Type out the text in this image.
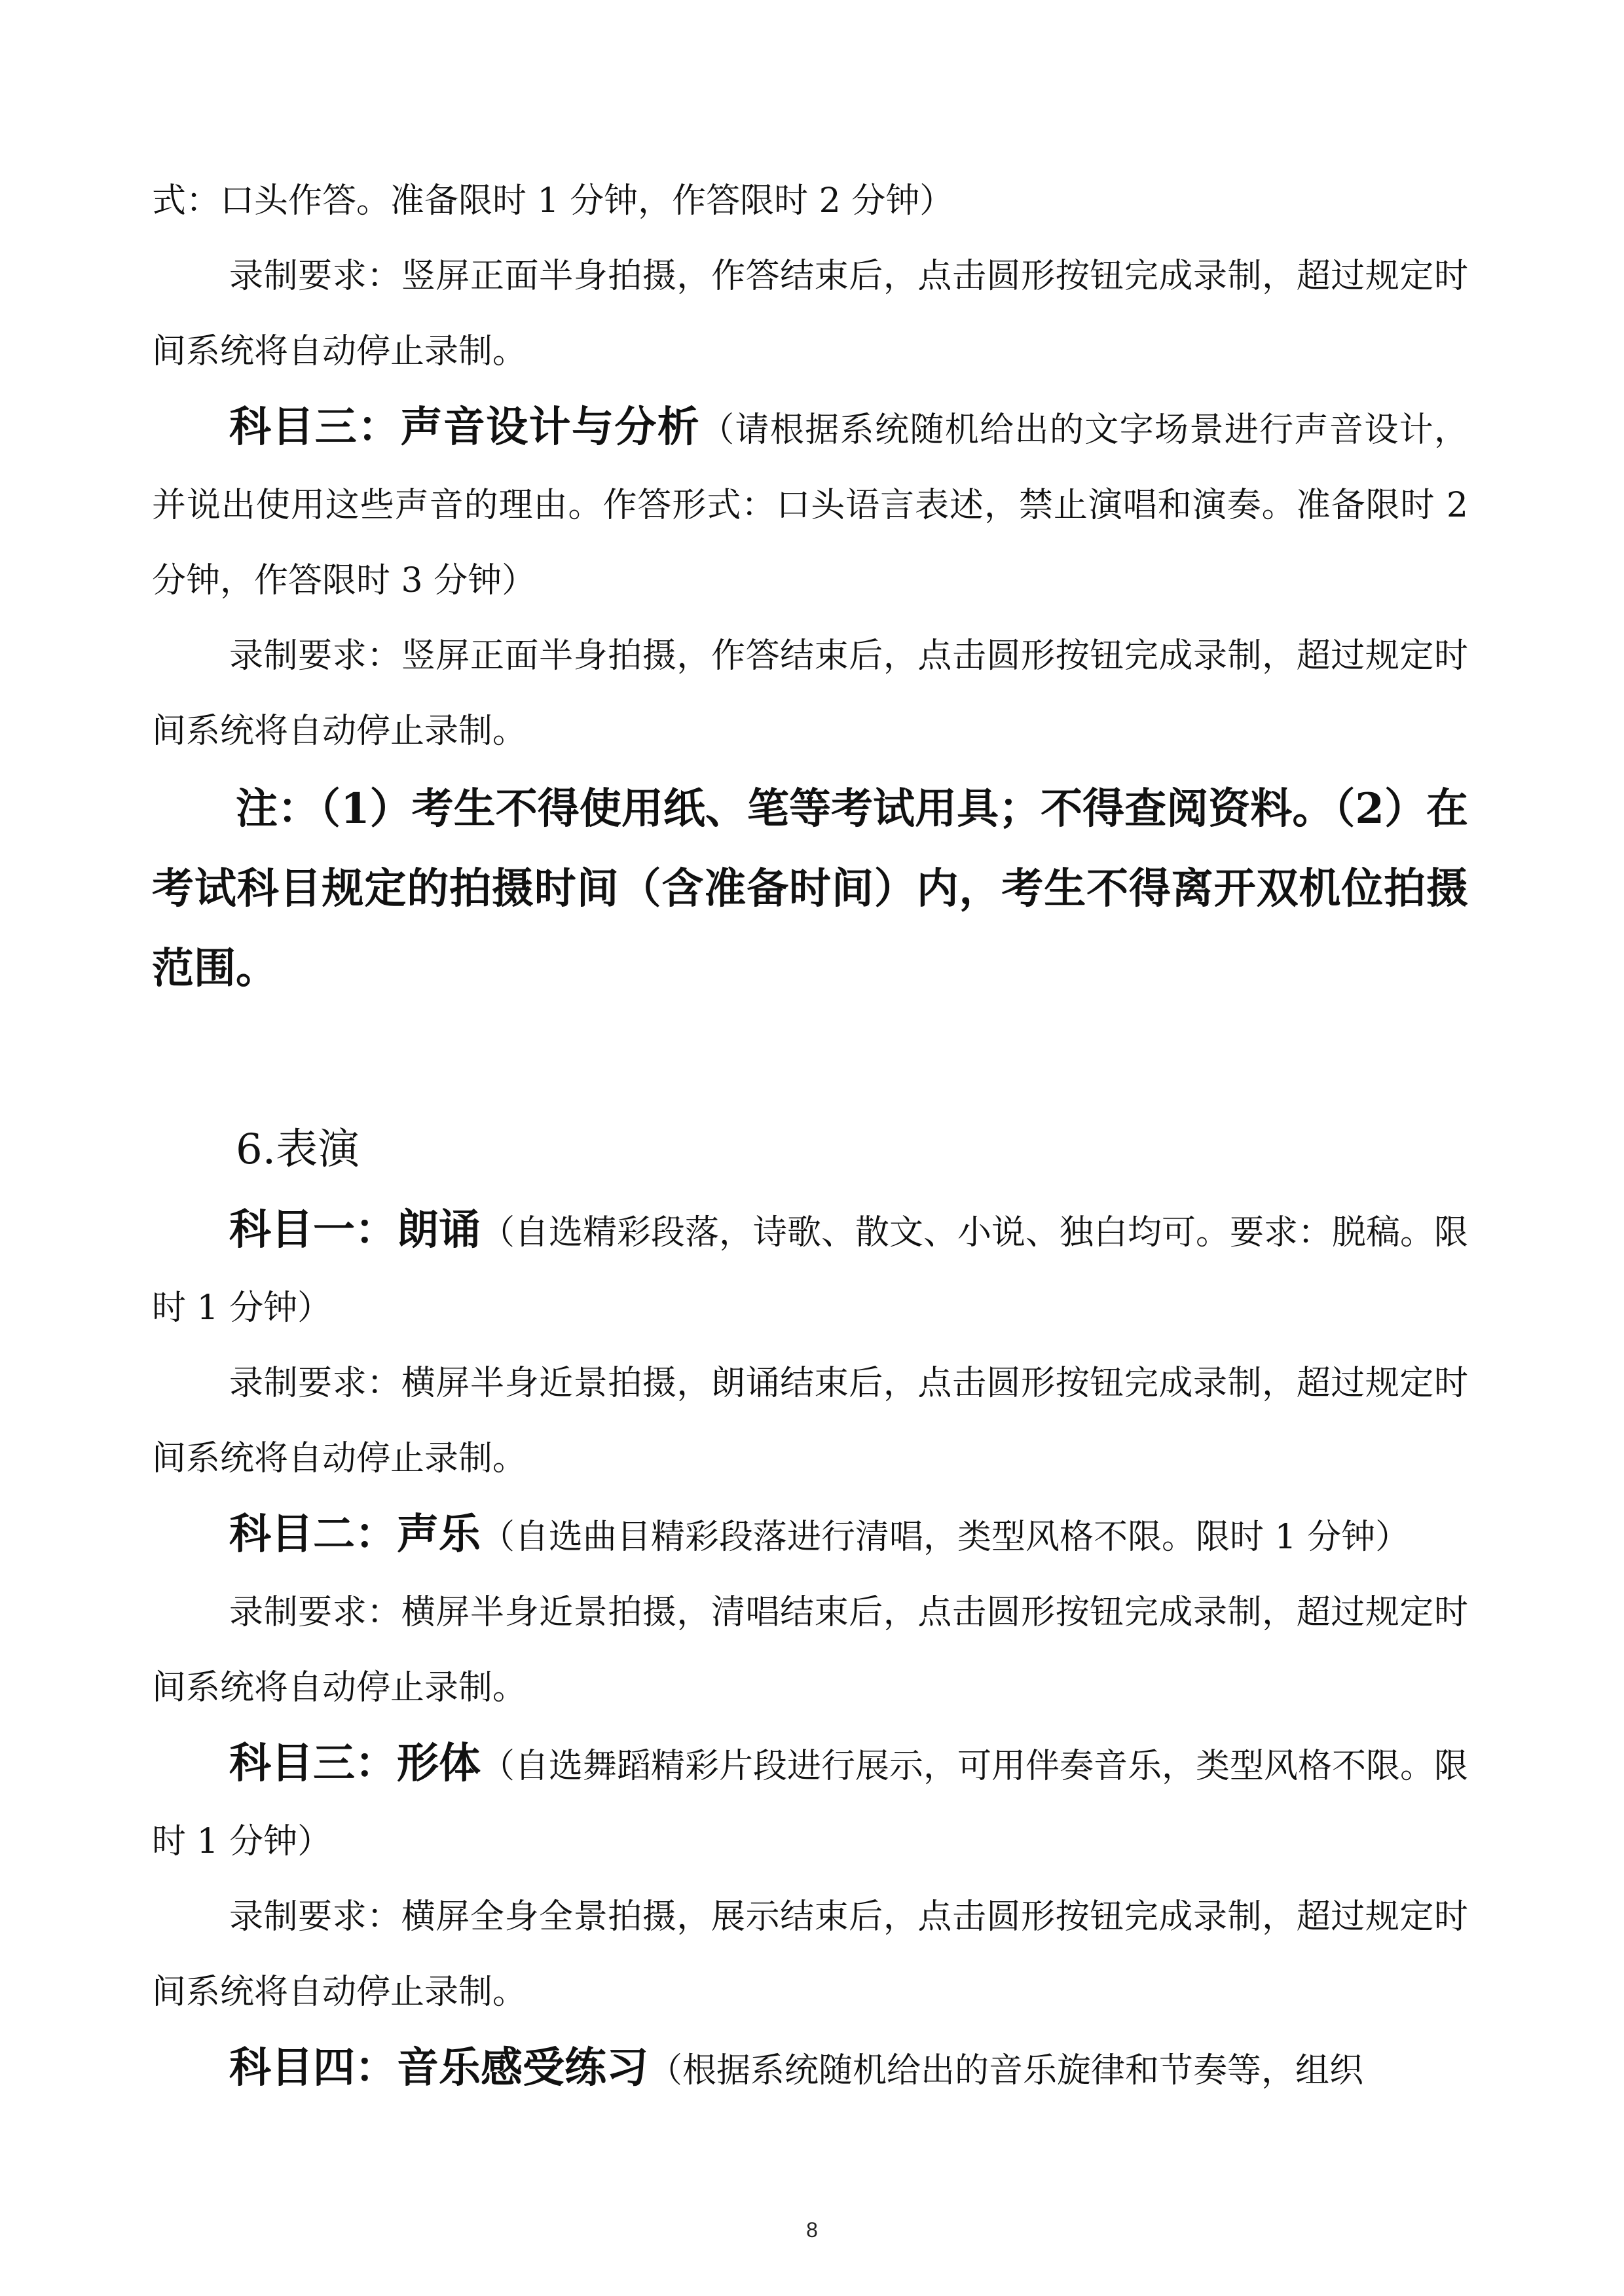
式：口头作答。准备限时 1 分钟，作答限时 2 分钟）

录制要求：竖屏正面半身拍摄，作答结束后，点击圆形按钮完成录制，超过规定时间系统将自动停止录制。

科目三：声音设计与分析（请根据系统随机给出的文字场景进行声音设计，并说出使用这些声音的理由。作答形式：口头语言表述，禁止演唱和演奏。准备限时 2 分钟，作答限时 3 分钟）

录制要求：竖屏正面半身拍摄，作答结束后，点击圆形按钮完成录制，超过规定时间系统将自动停止录制。

注：（1）考生不得使用纸、笔等考试用具；不得查阅资料。（2）在考试科目规定的拍摄时间（含准备时间）内，考生不得离开双机位拍摄范围。

6.表演

科目一：朗诵（自选精彩段落，诗歌、散文、小说、独白均可。要求：脱稿。限时 1 分钟）

录制要求：横屏半身近景拍摄，朗诵结束后，点击圆形按钮完成录制，超过规定时间系统将自动停止录制。

科目二：声乐（自选曲目精彩段落进行清唱，类型风格不限。限时 1 分钟）

录制要求：横屏半身近景拍摄，清唱结束后，点击圆形按钮完成录制，超过规定时间系统将自动停止录制。

科目三：形体（自选舞蹈精彩片段进行展示，可用伴奏音乐，类型风格不限。限时 1 分钟）

录制要求：横屏全身全景拍摄，展示结束后，点击圆形按钮完成录制，超过规定时间系统将自动停止录制。

科目四：音乐感受练习（根据系统随机给出的音乐旋律和节奏等，组织

8
